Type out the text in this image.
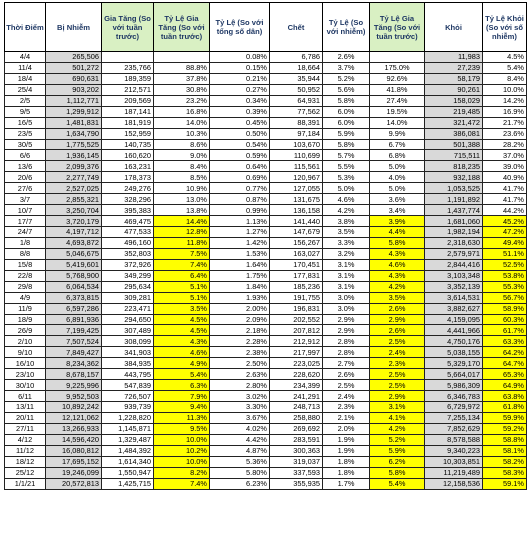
Thời Điểm	Bị Nhiễm	Gia Tăng (So với tuần trước)	Tỷ Lệ Gia Tăng (So với tuần trước)	Tỷ Lệ (So với tổng số dân)	Chết	Tỷ Lệ (So với nhiễm)	Tỷ Lệ Gia Tăng (So với tuần trước)	Khỏi	Tỷ Lệ Khỏi (So với số nhiễm)
4/4	265,506			0.08%	6,786	2.6%		11,983	4.5%
11/4	501,272	235,766	88.8%	0.15%	18,664	3.7%	175.0%	27,239	5.4%
18/4	690,631	189,359	37.8%	0.21%	35,944	5.2%	92.6%	58,179	8.4%
25/4	903,202	212,571	30.8%	0.27%	50,952	5.6%	41.8%	90,261	10.0%
2/5	1,112,771	209,569	23.2%	0.34%	64,931	5.8%	27.4%	158,029	14.2%
9/5	1,299,912	187,141	16.8%	0.39%	77,562	6.0%	19.5%	219,485	16.9%
16/5	1,481,831	181,919	14.0%	0.45%	88,391	6.0%	14.0%	321,472	21.7%
23/5	1,634,790	152,959	10.3%	0.50%	97,184	5.9%	9.9%	386,081	23.6%
30/5	1,775,525	140,735	8.6%	0.54%	103,670	5.8%	6.7%	501,388	28.2%
6/6	1,936,145	160,620	9.0%	0.59%	110,699	5.7%	6.8%	715,511	37.0%
13/6	2,099,376	163,231	8.4%	0.64%	115,561	5.5%	5.0%	818,235	39.0%
20/6	2,277,749	178,373	8.5%	0.69%	120,967	5.3%	4.0%	932,188	40.9%
27/6	2,527,025	249,276	10.9%	0.77%	127,055	5.0%	5.0%	1,053,525	41.7%
3/7	2,855,321	328,296	13.0%	0.87%	131,675	4.6%	3.6%	1,191,892	41.7%
10/7	3,250,704	395,383	13.8%	0.99%	136,158	4.2%	3.4%	1,437,774	44.2%
17/7	3,720,179	469,475	14.4%	1.13%	141,440	3.8%	3.9%	1,681,060	45.2%
24/7	4,197,712	477,533	12.8%	1.27%	147,679	3.5%	4.4%	1,982,194	47.2%
1/8	4,693,872	496,160	11.8%	1.42%	156,267	3.3%	5.8%	2,318,630	49.4%
8/8	5,046,675	352,803	7.5%	1.53%	163,027	3.2%	4.3%	2,579,971	51.1%
15/8	5,419,601	372,926	7.4%	1.64%	170,451	3.1%	4.6%	2,844,416	52.5%
22/8	5,768,900	349,299	6.4%	1.75%	177,831	3.1%	4.3%	3,103,348	53.8%
29/8	6,064,534	295,634	5.1%	1.84%	185,236	3.1%	4.2%	3,352,139	55.3%
4/9	6,373,815	309,281	5.1%	1.93%	191,755	3.0%	3.5%	3,614,531	56.7%
11/9	6,597,286	223,471	3.5%	2.00%	196,831	3.0%	2.6%	3,882,627	58.9%
18/9	6,891,936	294,650	4.5%	2.09%	202,552	2.9%	2.9%	4,159,095	60.3%
26/9	7,199,425	307,489	4.5%	2.18%	207,812	2.9%	2.6%	4,441,966	61.7%
2/10	7,507,524	308,099	4.3%	2.28%	212,912	2.8%	2.5%	4,750,176	63.3%
9/10	7,849,427	341,903	4.6%	2.38%	217,997	2.8%	2.4%	5,038,155	64.2%
16/10	8,234,362	384,935	4.9%	2.50%	223,025	2.7%	2.3%	5,329,170	64.7%
23/10	8,678,157	443,795	5.4%	2.63%	228,620	2.6%	2.5%	5,664,017	65.3%
30/10	9,225,996	547,839	6.3%	2.80%	234,399	2.5%	2.5%	5,986,309	64.9%
6/11	9,952,503	726,507	7.9%	3.02%	241,291	2.4%	2.9%	6,346,783	63.8%
13/11	10,892,242	939,739	9.4%	3.30%	248,713	2.3%	3.1%	6,729,972	61.8%
20/11	12,121,062	1,228,820	11.3%	3.67%	258,880	2.1%	4.1%	7,255,134	59.9%
27/11	13,266,933	1,145,871	9.5%	4.02%	269,692	2.0%	4.2%	7,852,629	59.2%
4/12	14,596,420	1,329,487	10.0%	4.42%	283,591	1.9%	5.2%	8,578,588	58.8%
11/12	16,080,812	1,484,392	10.2%	4.87%	300,363	1.9%	5.9%	9,340,223	58.1%
18/12	17,695,152	1,614,340	10.0%	5.36%	319,037	1.8%	6.2%	10,303,851	58.2%
25/12	19,246,099	1,550,947	8.2%	5.80%	337,593	1.8%	5.8%	11,219,489	58.3%
1/1/21	20,572,813	1,425,715	7.4%	6.23%	355,935	1.7%	5.4%	12,158,536	59.1%
